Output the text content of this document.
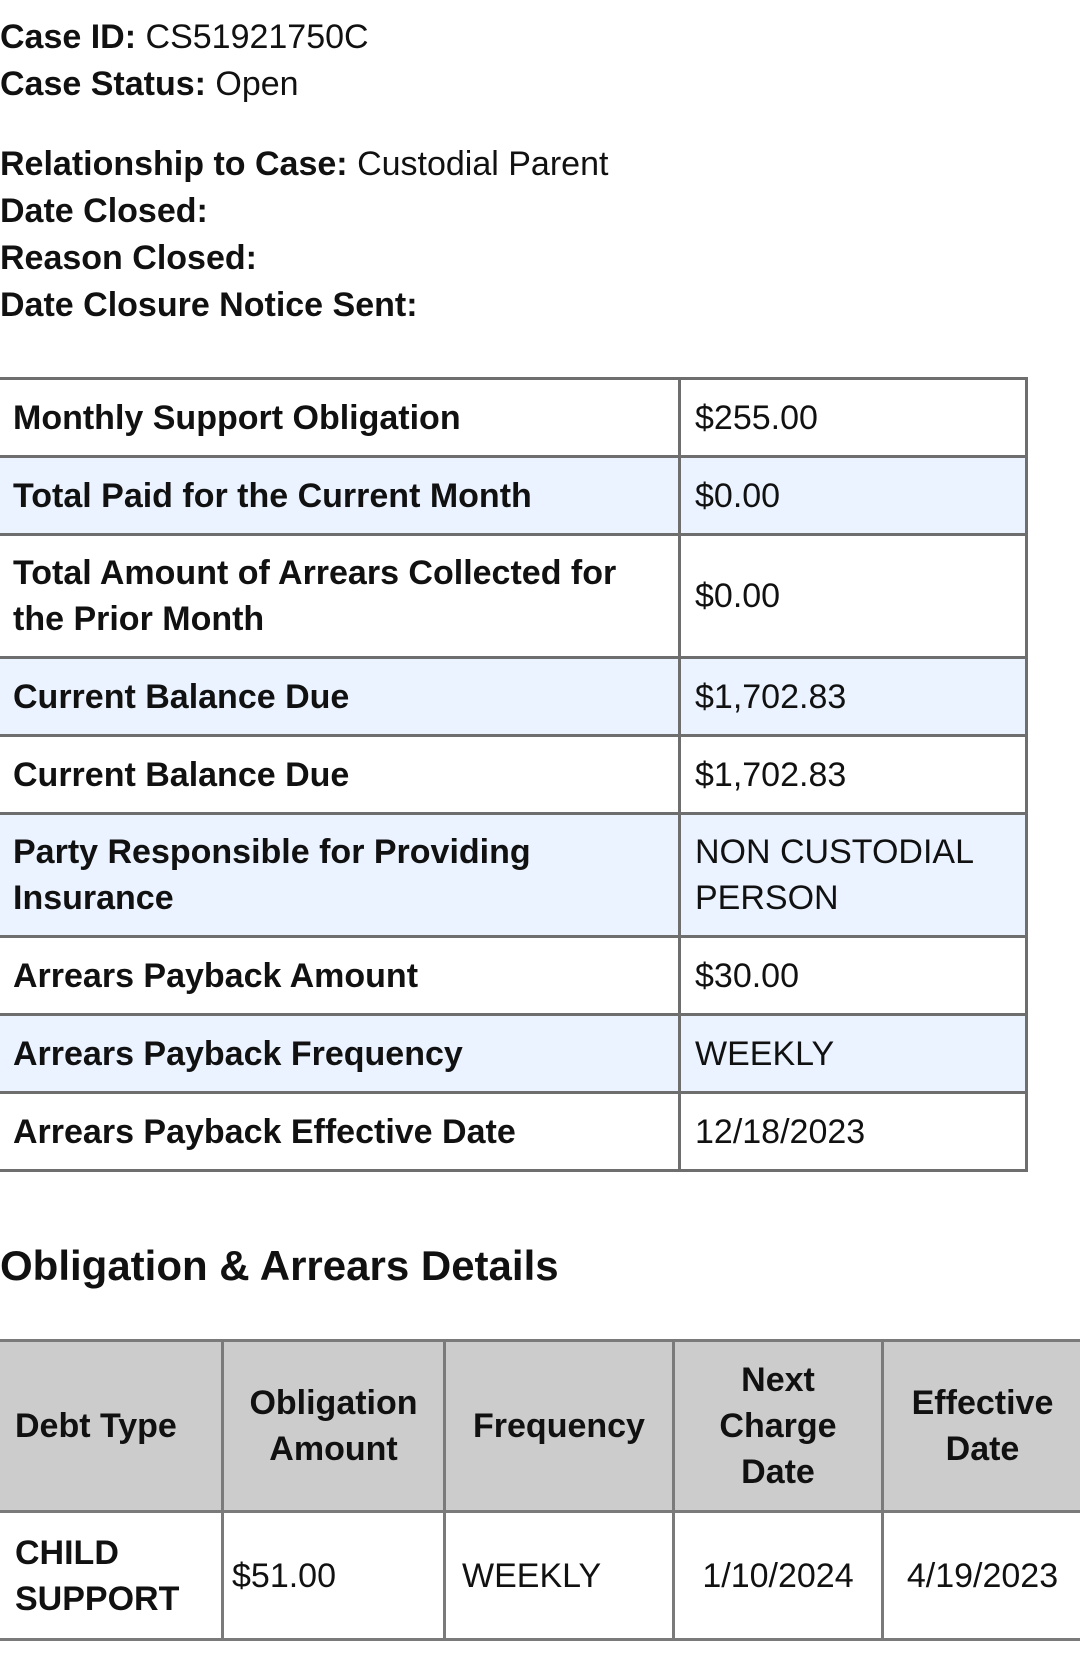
Case ID: CS51921750C
Case Status: Open
Relationship to Case: Custodial Parent
Date Closed:
Reason Closed:
Date Closure Notice Sent:
Monthly Support Obligation	$255.00
Total Paid for the Current Month	$0.00
Total Amount of Arrears Collected for the Prior Month	$0.00
Current Balance Due	$1,702.83
Current Balance Due	$1,702.83
Party Responsible for Providing Insurance	NON CUSTODIAL PERSON
Arrears Payback Amount	$30.00
Arrears Payback Frequency	WEEKLY
Arrears Payback Effective Date	12/18/2023
Obligation & Arrears Details
Debt Type	Obligation Amount	Frequency	Next Charge Date	Effective Date
CHILD SUPPORT	$51.00	WEEKLY	1/10/2024	4/19/2023
